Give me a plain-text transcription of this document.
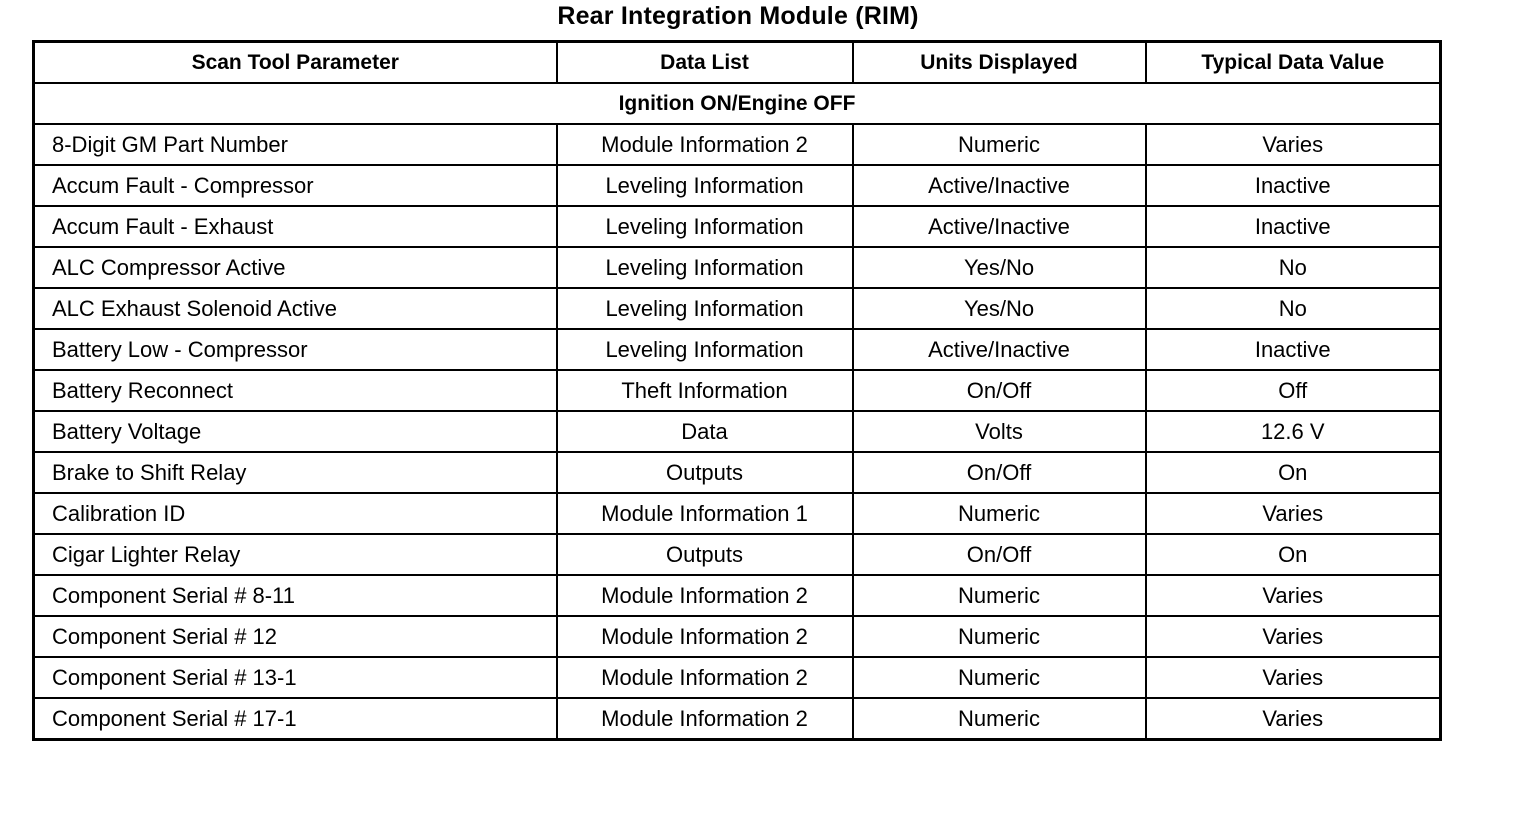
Rear Integration Module (RIM)
Scan Tool Parameter	Data List	Units Displayed	Typical Data Value
Ignition ON/Engine OFF			
8-Digit GM Part Number	Module Information 2	Numeric	Varies
Accum Fault - Compressor	Leveling Information	Active/Inactive	Inactive
Accum Fault - Exhaust	Leveling Information	Active/Inactive	Inactive
ALC Compressor Active	Leveling Information	Yes/No	No
ALC Exhaust Solenoid Active	Leveling Information	Yes/No	No
Battery Low - Compressor	Leveling Information	Active/Inactive	Inactive
Battery Reconnect	Theft Information	On/Off	Off
Battery Voltage	Data	Volts	12.6 V
Brake to Shift Relay	Outputs	On/Off	On
Calibration ID	Module Information 1	Numeric	Varies
Cigar Lighter Relay	Outputs	On/Off	On
Component Serial # 8-11	Module Information 2	Numeric	Varies
Component Serial # 12	Module Information 2	Numeric	Varies
Component Serial # 13-1	Module Information 2	Numeric	Varies
Component Serial # 17-1	Module Information 2	Numeric	Varies
